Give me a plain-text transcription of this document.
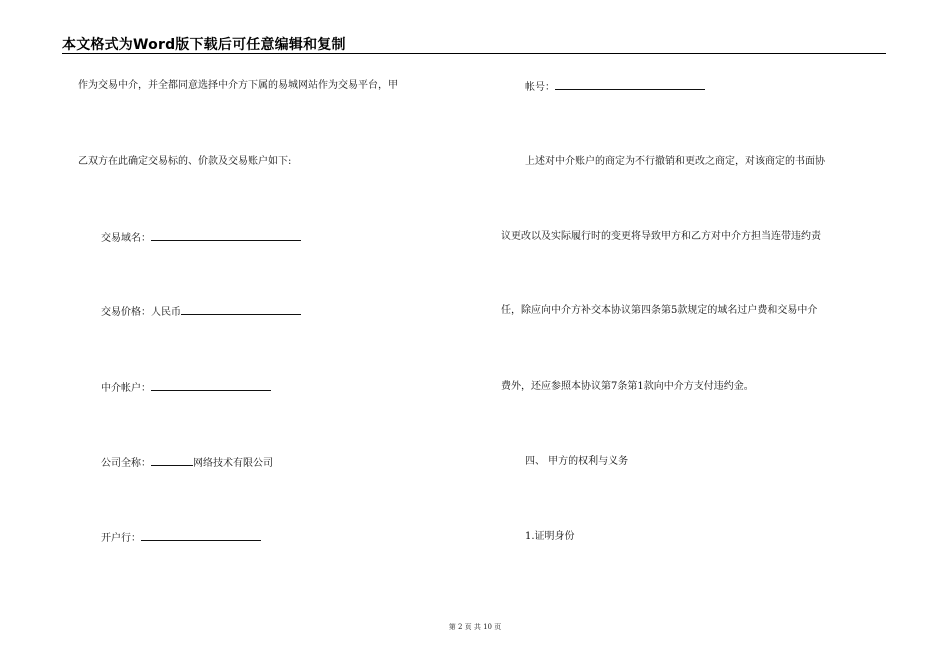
本文格式为Word版下载后可任意编辑和复制
作为交易中介，并全都同意选择中介方下属的易城网站作为交易平台，甲
乙双方在此确定交易标的、价款及交易账户如下:
交易域名：
交易价格：人民币
中介帐户：
公司全称：	网络技术有限公司
开户行：
帐号：
上述对中介账户的商定为不行撤销和更改之商定，对该商定的书面协
议更改以及实际履行时的变更将导致甲方和乙方对中介方担当连带违约责
任，除应向中介方补交本协议第四条第5款规定的域名过户费和交易中介
费外，还应参照本协议第7条第1款向中介方支付违约金。
四、 甲方的权利与义务
1.证明身份
第 2 页 共 10 页
